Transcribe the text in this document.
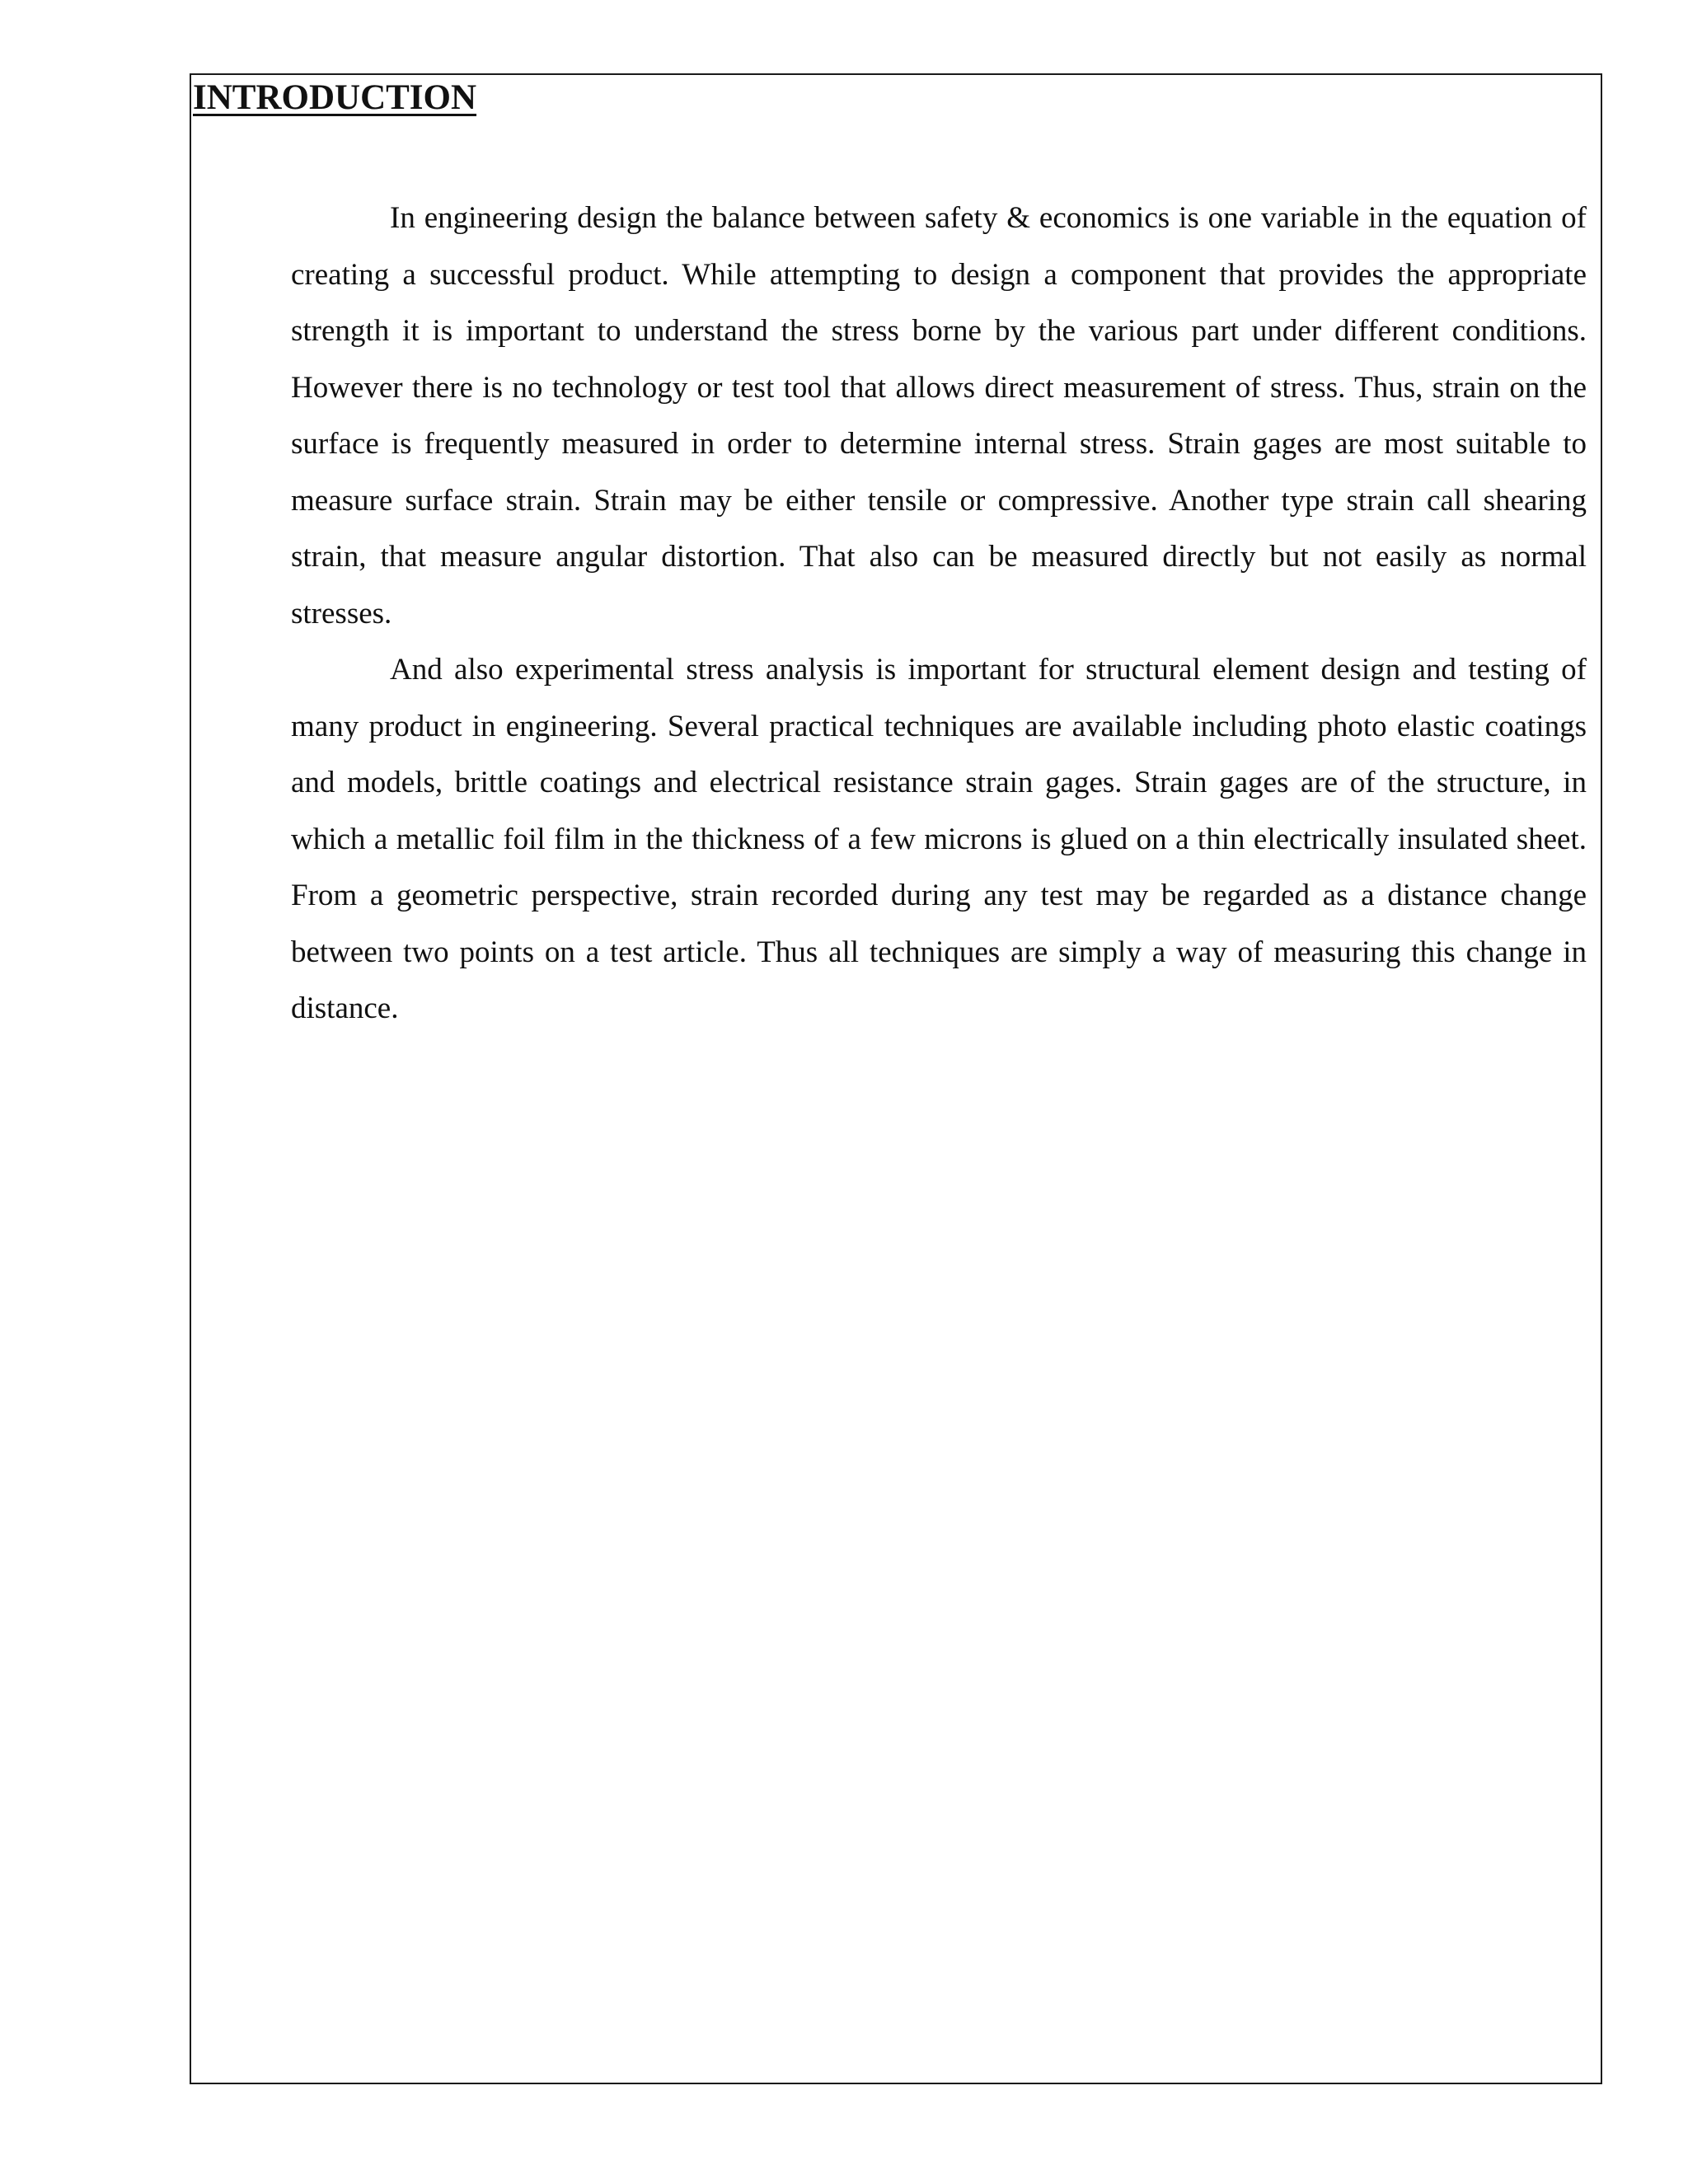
INTRODUCTION

In engineering design the balance between safety & economics is one variable in the equation of creating a successful product. While attempting to design a component that provides the appropriate strength it is important to understand the stress borne by the various part under different conditions. However there is no technology or test tool that allows direct measurement of stress. Thus, strain on the surface is frequently measured in order to determine internal stress. Strain gages are most suitable to measure surface strain. Strain may be either tensile or compressive. Another type strain call shearing strain, that measure angular distortion. That also can be measured directly but not easily as normal stresses.

And also experimental stress analysis is important for structural element design and testing of many product in engineering. Several practical techniques are available including photo elastic coatings and models, brittle coatings and electrical resistance strain gages. Strain gages are of the structure, in which a metallic foil film in the thickness of a few microns is glued on a thin electrically insulated sheet. From a geometric perspective, strain recorded during any test may be regarded as a distance change between two points on a test article. Thus all techniques are simply a way of measuring this change in distance.
